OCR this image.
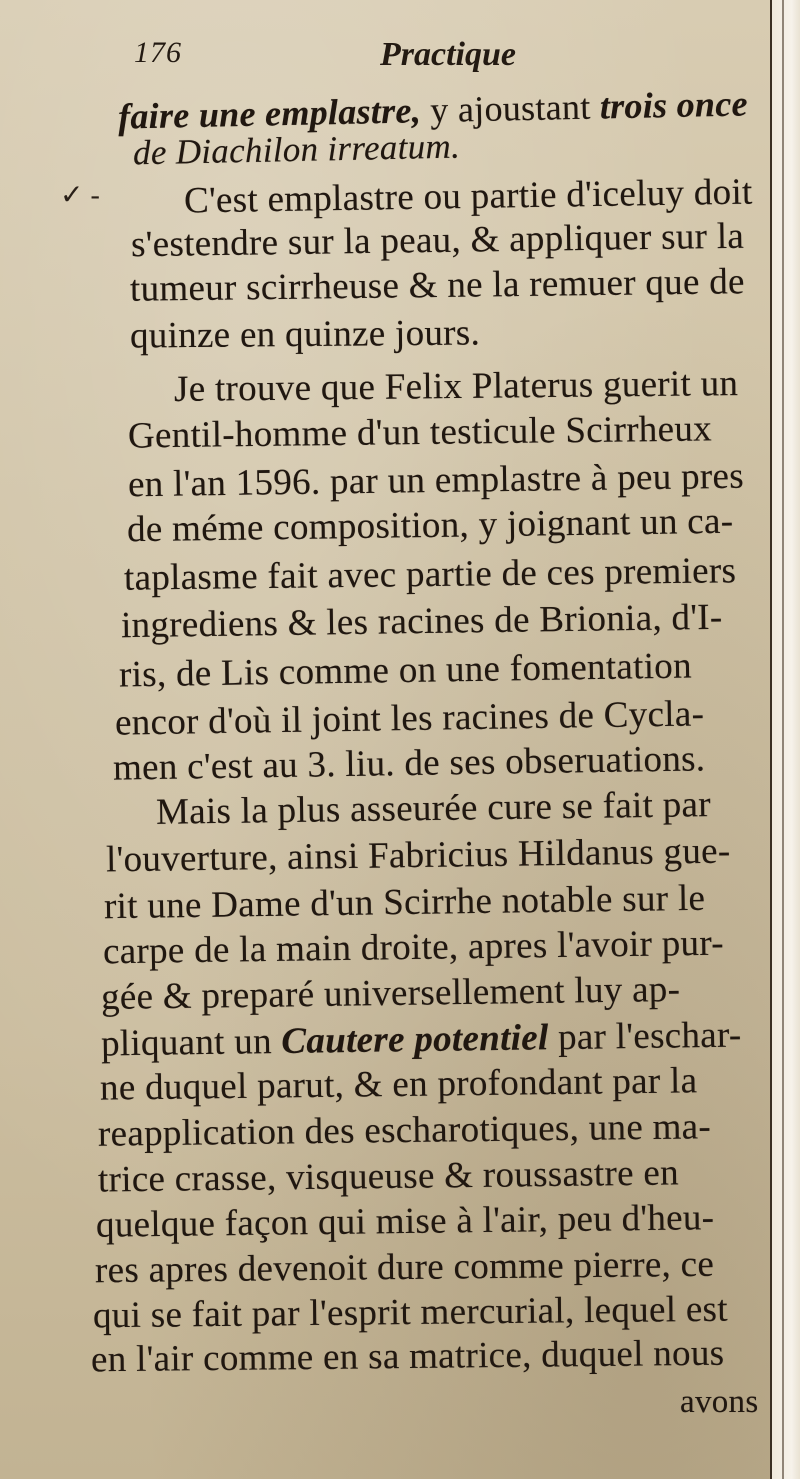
176	Practique
✓ -
faire une emplastre, y ajoustant trois once
de Diachilon irreatum.
C'est emplastre ou partie d'iceluy doit
s'estendre sur la peau, & appliquer sur la
tumeur scirrheuse & ne la remuer que de
quinze en quinze jours.
Je trouve que Felix Platerus guerit un
Gentil-homme d'un testicule Scirrheux
en l'an 1596. par un emplastre à peu pres
de méme composition, y joignant un ca-
taplasme fait avec partie de ces premiers
ingrediens & les racines de Brionia, d'I-
ris, de Lis comme on une fomentation
encor d'où il joint les racines de Cycla-
men c'est au 3. liu. de ses obseruations.
Mais la plus asseurée cure se fait par
l'ouverture, ainsi Fabricius Hildanus gue-
rit une Dame d'un Scirrhe notable sur le
carpe de la main droite, apres l'avoir pur-
gée & preparé universellement luy ap-
pliquant un Cautere potentiel par l'eschar-
ne duquel parut, & en profondant par la
reapplication des escharotiques, une ma-
trice crasse, visqueuse & roussastre en
quelque façon qui mise à l'air, peu d'heu-
res apres devenoit dure comme pierre, ce
qui se fait par l'esprit mercurial, lequel est
en l'air comme en sa matrice, duquel nous
avons
